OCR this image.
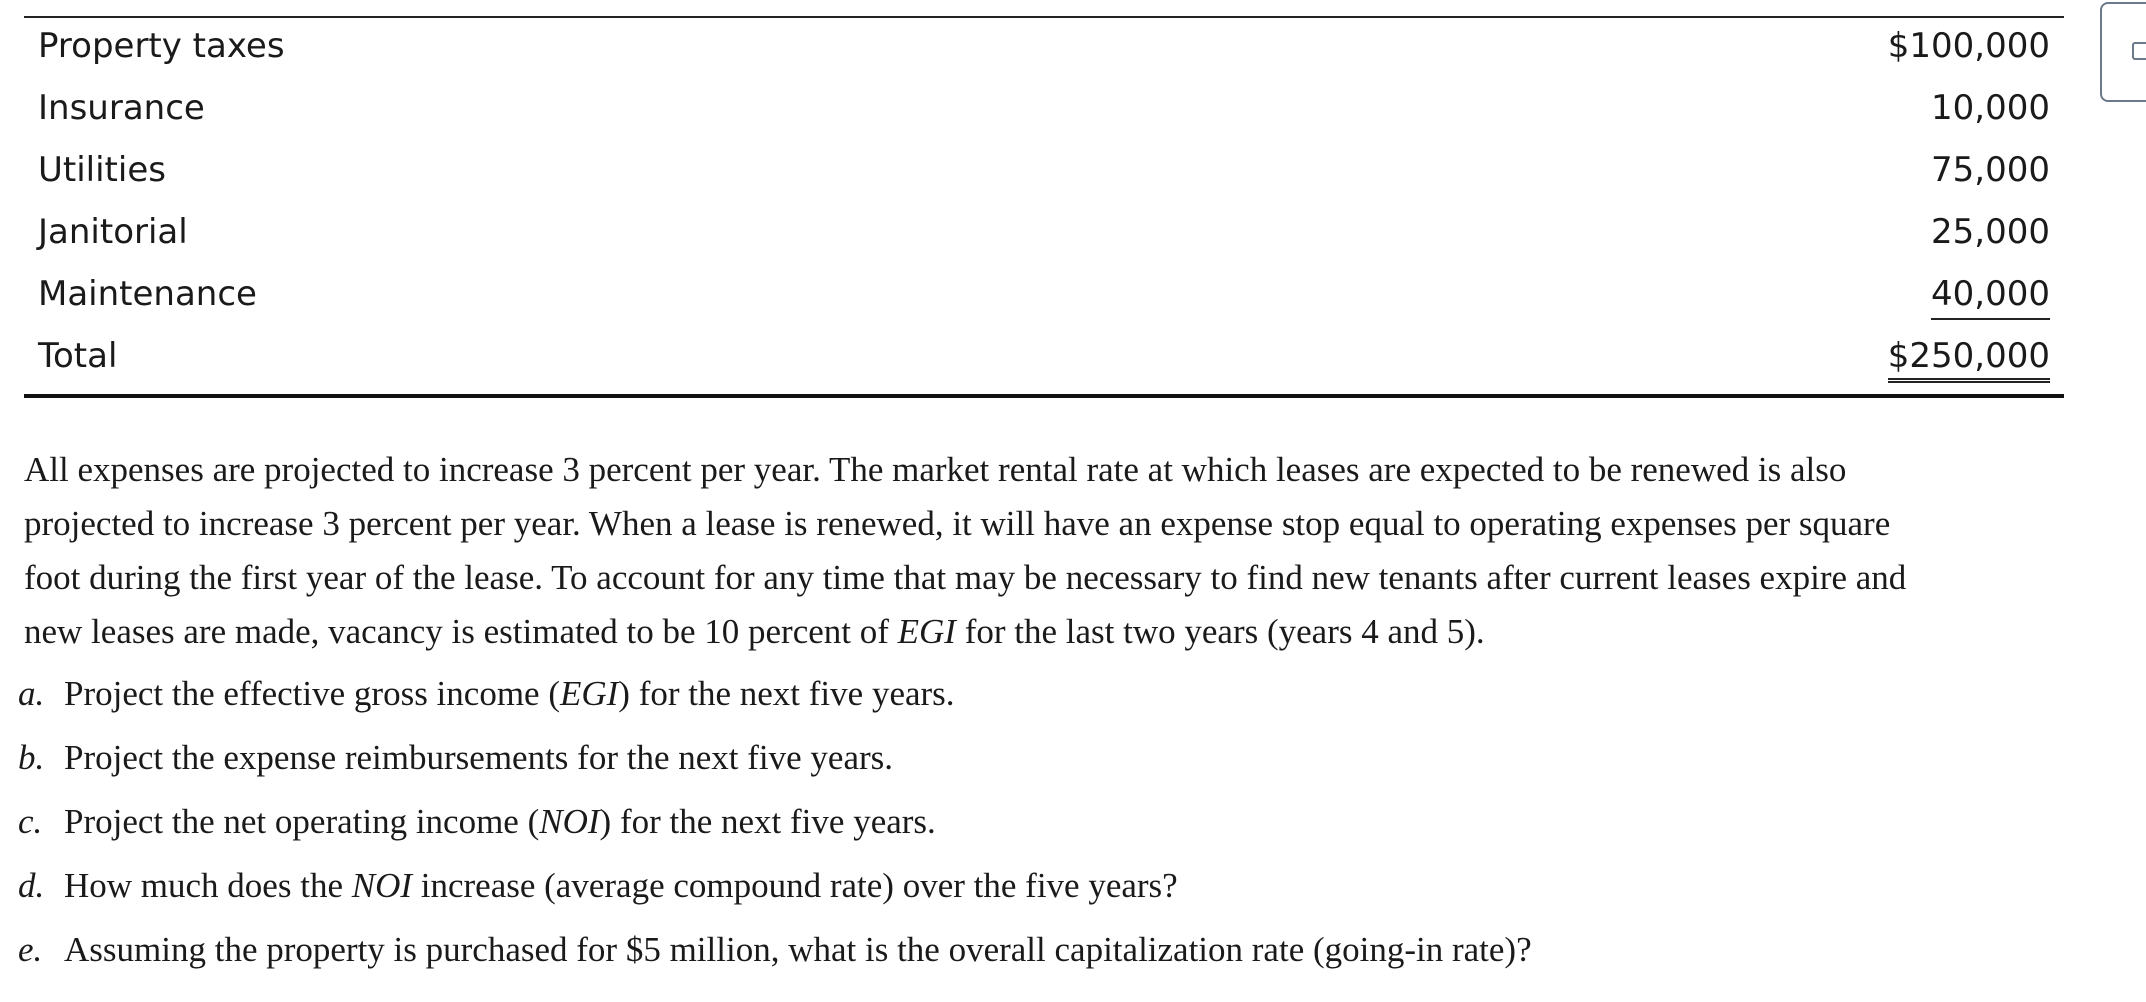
Property taxes	$100,000
Insurance	10,000
Utilities	75,000
Janitorial	25,000
Maintenance	40,000
Total	$250,000

All expenses are projected to increase 3 percent per year. The market rental rate at which leases are expected to be renewed is also
projected to increase 3 percent per year. When a lease is renewed, it will have an expense stop equal to operating expenses per square
foot during the first year of the lease. To account for any time that may be necessary to find new tenants after current leases expire and
new leases are made, vacancy is estimated to be 10 percent of EGI for the last two years (years 4 and 5).

a. Project the effective gross income (EGI) for the next five years.
b. Project the expense reimbursements for the next five years.
c. Project the net operating income (NOI) for the next five years.
d. How much does the NOI increase (average compound rate) over the five years?
e. Assuming the property is purchased for $5 million, what is the overall capitalization rate (going-in rate)?
